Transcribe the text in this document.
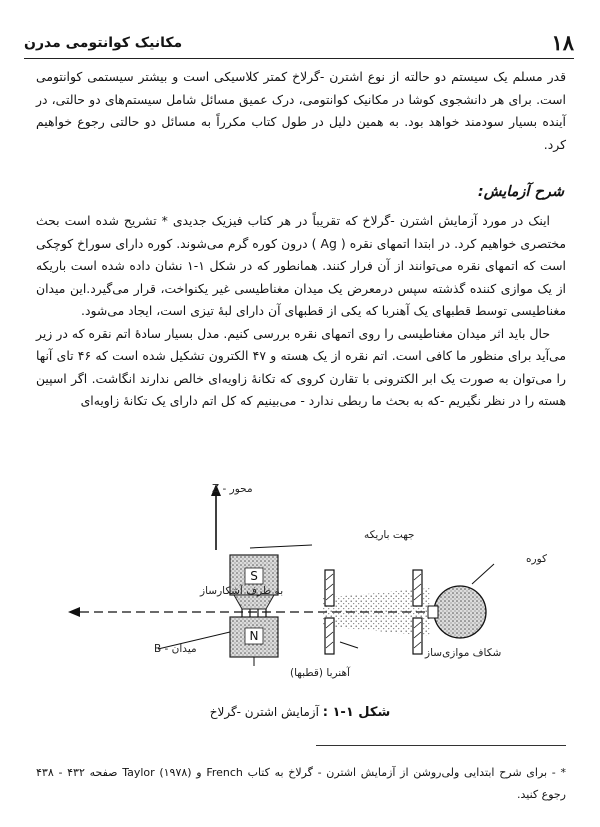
۱۸
مکانیک کوانتومی مدرن

قدر مسلم یک سیستم دو حالته از نوع اشترن -گرلاخ کمتر کلاسیکی است و بیشتر سیستمی کوانتومی است. برای هر دانشجوی کوشا در مکانیک کوانتومی، درک عمیق مسائل شامل سیستم‌های دو حالتی، در آینده بسیار سودمند خواهد بود. به همین دلیل در طول کتاب مکرراً به مسائل دو حالتی رجوع خواهیم کرد.

شرح آزمایش:

اینک در مورد آزمایش اشترن -گرلاخ که تقریباً در هر کتاب فیزیک جدیدی * تشریح شده است بحث مختصری خواهیم کرد. در ابتدا اتمهای نقره ( Ag ) درون کوره گرم می‌شوند. کوره دارای سوراخ کوچکی است که اتمهای نقره می‌توانند از آن فرار کنند. همانطور که در شکل ۱-۱ نشان داده شده است باریکه از یک موازی کننده گذشته سپس درمعرض یک میدان مغناطیسی غیر یکنواخت، قرار می‌گیرد.این میدان مغناطیسی توسط قطبهای یک آهنربا که یکی از قطبهای آن دارای لبهٔ تیزی است، ایجاد می‌شود.

حال باید اثر میدان مغناطیسی را روی اتمهای نقره بررسی کنیم. مدل بسیار سادهٔ اتم نقره که در زیر می‌آید برای منظور ما کافی است. اتم نقره از یک هسته و ۴۷ الکترون تشکیل شده است که ۴۶ تای آنها را می‌توان به صورت یک ابر الکترونی با تقارن کروی که تکانهٔ زاویه‌ای خالص ندارند انگاشت. اگر اسپین هسته را در نظر نگیریم -که به بحث ما ربطی ندارد - می‌بینیم که کل اتم دارای یک تکانهٔ زاویه‌ای

محور - Z
جهت باریکه
S
N
به طرف آشکارساز
میدان - B
آهنربا (قطبها)
شکاف موازی‌ساز
کوره
شکل ۱-۱ : آزمایش اشترن -گرلاخ
* - برای شرح ابتدایی ولی‌روشن از آزمایش اشترن - گرلاخ به کتاب French و Taylor (۱۹۷۸) صفحه ۴۳۲ - ۴۳۸ رجوع کنید.
